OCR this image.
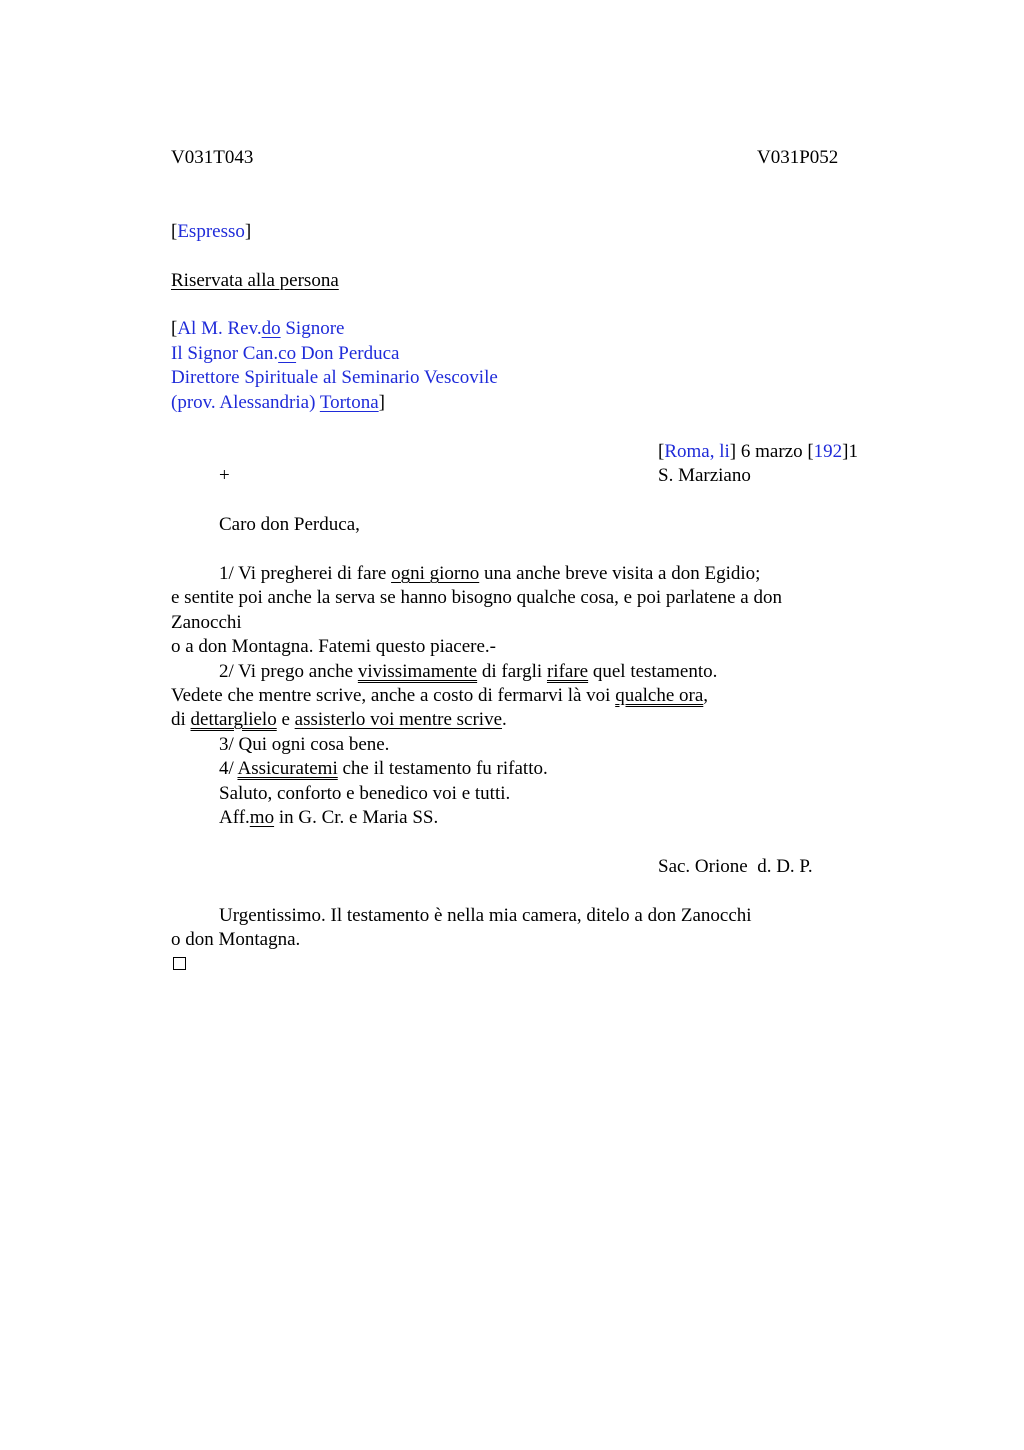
V031T043	V031P052
[Espresso]
Riservata alla persona
[Al M. Rev.do Signore
Il Signor Can.co Don Perduca
Direttore Spirituale al Seminario Vescovile
(prov. Alessandria) Tortona]
[Roma, li] 6 marzo [192]1
+	S. Marziano
Caro don Perduca,
1/ Vi pregherei di fare ogni giorno una anche breve visita a don Egidio;
e sentite poi anche la serva se hanno bisogno qualche cosa, e poi parlatene a don
Zanocchi
o a don Montagna. Fatemi questo piacere.-
2/ Vi prego anche vivissimamente di fargli rifare quel testamento.
Vedete che mentre scrive, anche a costo di fermarvi là voi qualche ora,
di dettarglielo e assisterlo voi mentre scrive.
3/ Qui ogni cosa bene.
4/ Assicuratemi che il testamento fu rifatto.
Saluto, conforto e benedico voi e tutti.
Aff.mo in G. Cr. e Maria SS.
Sac. Orione  d. D. P.
Urgentissimo. Il testamento è nella mia camera, ditelo a don Zanocchi
o don Montagna.
